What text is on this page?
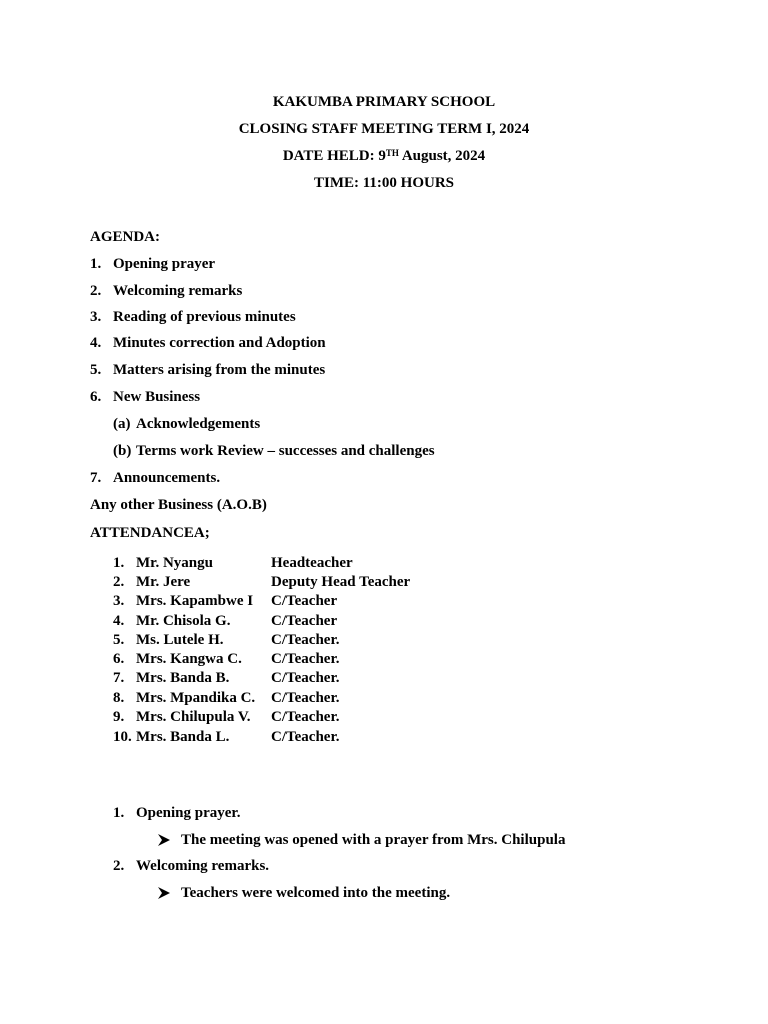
KAKUMBA PRIMARY SCHOOL
CLOSING STAFF MEETING TERM I, 2024
DATE HELD: 9TH August, 2024
TIME: 11:00 HOURS
AGENDA:
1. Opening prayer
2. Welcoming remarks
3. Reading of previous minutes
4. Minutes correction and Adoption
5. Matters arising from the minutes
6. New Business
(a) Acknowledgements
(b) Terms work Review – successes and challenges
7. Announcements.
Any other Business (A.O.B)
ATTENDANCEA;
1. Mr. Nyangu	Headteacher
2. Mr. Jere	Deputy Head Teacher
3. Mrs. Kapambwe I C/Teacher
4. Mr. Chisola G.	C/Teacher
5. Ms. Lutele H.	C/Teacher.
6. Mrs. Kangwa C. C/Teacher.
7. Mrs. Banda B.	C/Teacher.
8. Mrs. Mpandika C. C/Teacher.
9. Mrs. Chilupula V. C/Teacher.
10. Mrs. Banda L.	C/Teacher.
1. Opening prayer.
The meeting was opened with a prayer from Mrs. Chilupula
2. Welcoming remarks.
Teachers were welcomed into the meeting.
